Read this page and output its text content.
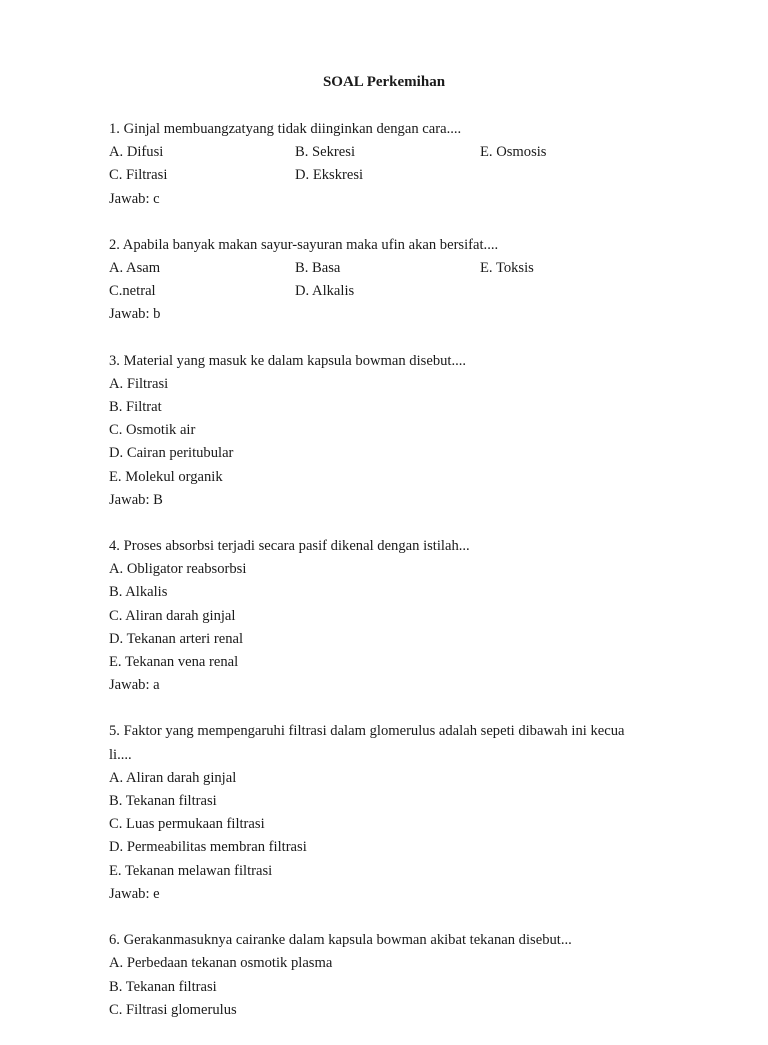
SOAL Perkemihan
1. Ginjal membuangzatyang tidak diinginkan dengan cara....
A. Difusi	B. Sekresi	E. Osmosis
C. Filtrasi	D. Ekskresi
Jawab: c
2. Apabila banyak makan sayur-sayuran maka ufin akan bersifat....
A. Asam	B. Basa	E. Toksis
C.netral	D. Alkalis
Jawab: b
3. Material yang masuk ke dalam kapsula bowman disebut....
A. Filtrasi
B. Filtrat
C. Osmotik air
D. Cairan peritubular
E. Molekul organik
Jawab: B
4. Proses absorbsi terjadi secara pasif dikenal dengan istilah...
A. Obligator reabsorbsi
B. Alkalis
C. Aliran darah ginjal
D. Tekanan arteri renal
E. Tekanan vena renal
Jawab: a
5. Faktor yang mempengaruhi filtrasi dalam glomerulus adalah sepeti dibawah ini kecua
li....
A. Aliran darah ginjal
B. Tekanan filtrasi
C. Luas permukaan filtrasi
D. Permeabilitas membran filtrasi
E. Tekanan melawan filtrasi
Jawab: e
6. Gerakanmasuknya cairanke dalam kapsula bowman akibat tekanan disebut...
A. Perbedaan tekanan osmotik plasma
B. Tekanan filtrasi
C. Filtrasi glomerulus
